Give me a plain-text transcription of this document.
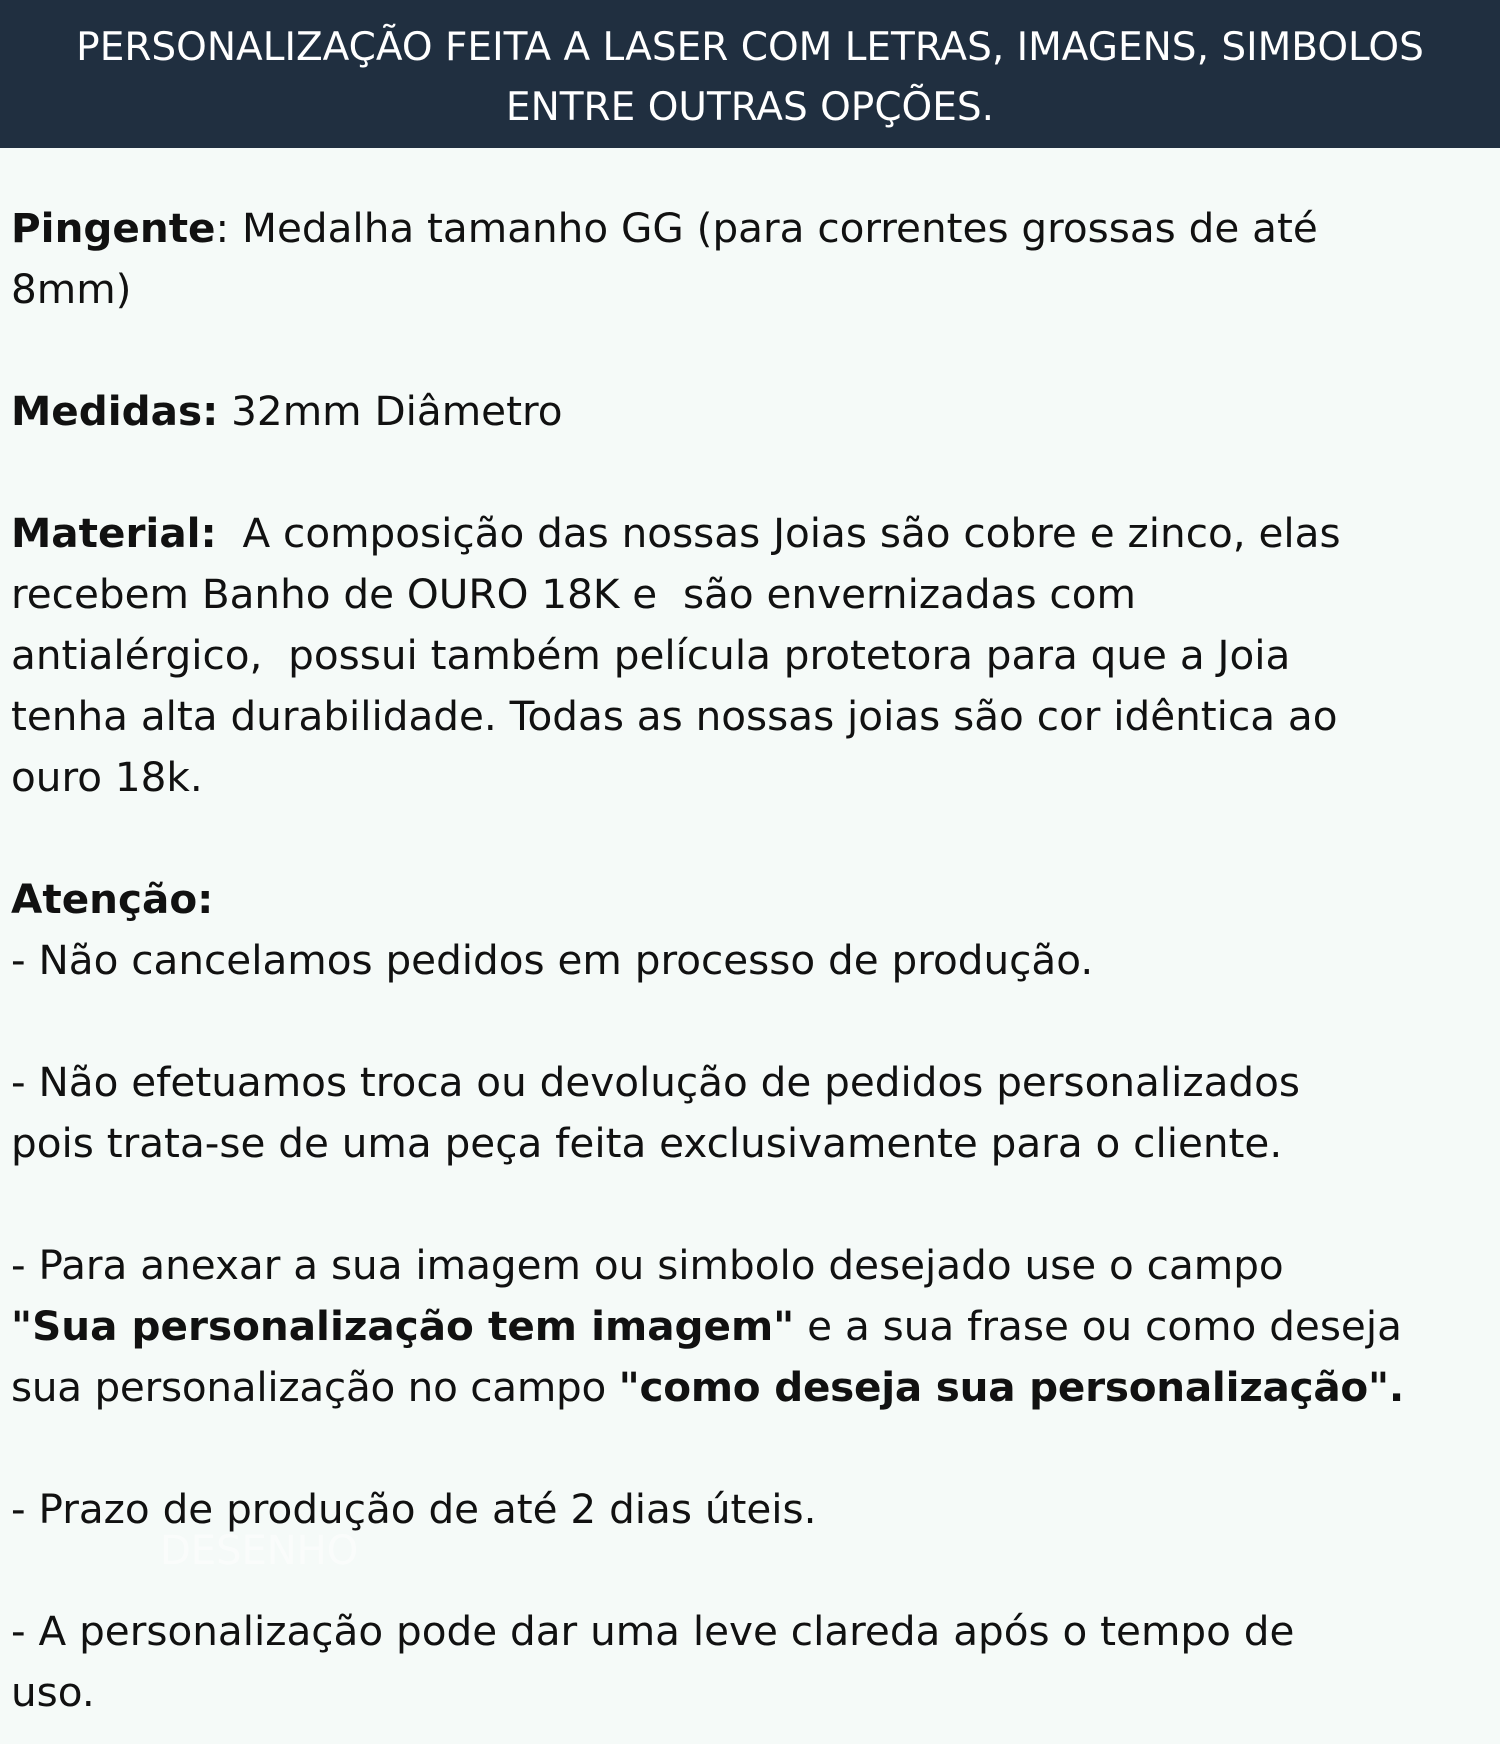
PERSONALIZAÇÃO FEITA A LASER COM LETRAS, IMAGENS, SIMBOLOS
ENTRE OUTRAS OPÇÕES.
Pingente: Medalha tamanho GG (para correntes grossas de até
8mm)
Medidas: 32mm Diâmetro
Material:  A composição das nossas Joias são cobre e zinco, elas
recebem Banho de OURO 18K e  são envernizadas com
antialérgico,  possui também película protetora para que a Joia
tenha alta durabilidade. Todas as nossas joias são cor idêntica ao
ouro 18k.
Atenção:
- Não cancelamos pedidos em processo de produção.
- Não efetuamos troca ou devolução de pedidos personalizados
pois trata-se de uma peça feita exclusivamente para o cliente.
- Para anexar a sua imagem ou simbolo desejado use o campo
"Sua personalização tem imagem" e a sua frase ou como deseja
sua personalização no campo "como deseja sua personalização".
- Prazo de produção de até 2 dias úteis.
- A personalização pode dar uma leve clareda após o tempo de
uso.
DESENHO
